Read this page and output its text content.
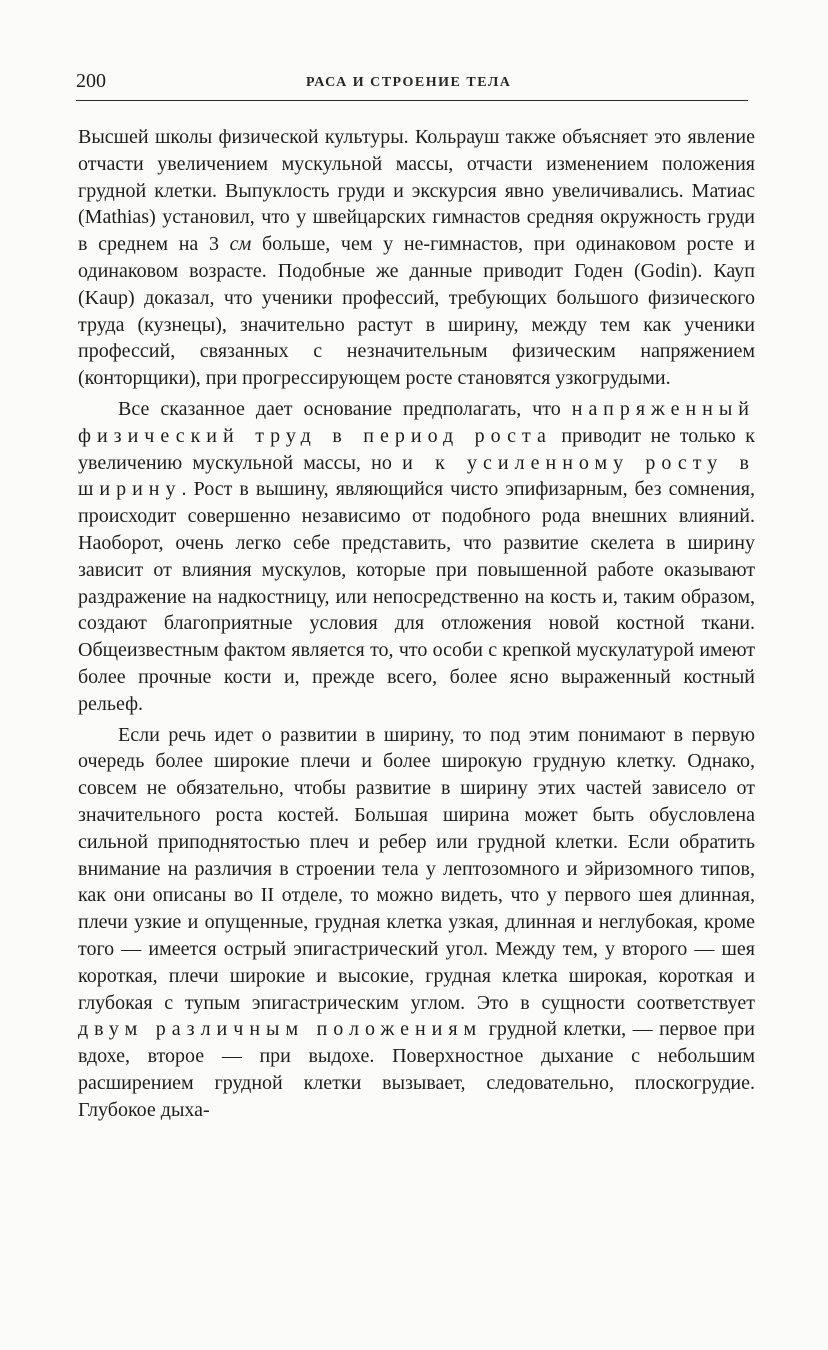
200	РАСА И СТРОЕНИЕ ТЕЛА

Высшей школы физической культуры. Кольрауш также объясняет это явление отчасти увеличением мускульной массы, отчасти изменением положения грудной клетки. Выпуклость груди и экскурсия явно увеличивались. Матиас (Mathias) установил, что у швейцарских гимнастов средняя окружность груди в среднем на 3 см больше, чем у не-гимнастов, при одинаковом росте и одинаковом возрасте. Подобные же данные приводит Годен (Godin). Кауп (Kaup) доказал, что ученики профессий, требующих большого физического труда (кузнецы), значительно растут в ширину, между тем как ученики профессий, связанных с незначительным физическим напряжением (конторщики), при прогрессирующем росте становятся узкогрудыми.

Все сказанное дает основание предполагать, что напряженный физический труд в период роста приводит не только к увеличению мускульной массы, но и к усиленному росту в ширину. Рост в вышину, являющийся чисто эпифизарным, без сомнения, происходит совершенно независимо от подобного рода внешних влияний. Наоборот, очень легко себе представить, что развитие скелета в ширину зависит от влияния мускулов, которые при повышенной работе оказывают раздражение на надкостницу, или непосредственно на кость и, таким образом, создают благоприятные условия для отложения новой костной ткани. Общеизвестным фактом является то, что особи с крепкой мускулатурой имеют более прочные кости и, прежде всего, более ясно выраженный костный рельеф.

Если речь идет о развитии в ширину, то под этим понимают в первую очередь более широкие плечи и более широкую грудную клетку. Однако, совсем не обязательно, чтобы развитие в ширину этих частей зависело от значительного роста костей. Большая ширина может быть обусловлена сильной приподнятостью плеч и ребер или грудной клетки. Если обратить внимание на различия в строении тела у лептозомного и эйризомного типов, как они описаны во II отделе, то можно видеть, что у первого шея длинная, плечи узкие и опущенные, грудная клетка узкая, длинная и неглубокая, кроме того — имеется острый эпигастрический угол. Между тем, у второго — шея короткая, плечи широкие и высокие, грудная клетка широкая, короткая и глубокая с тупым эпигастрическим углом. Это в сущности соответствует двум различным положениям грудной клетки, — первое при вдохе, второе — при выдохе. Поверхностное дыхание с небольшим расширением грудной клетки вызывает, следовательно, плоскогрудие. Глубокое дыха-
